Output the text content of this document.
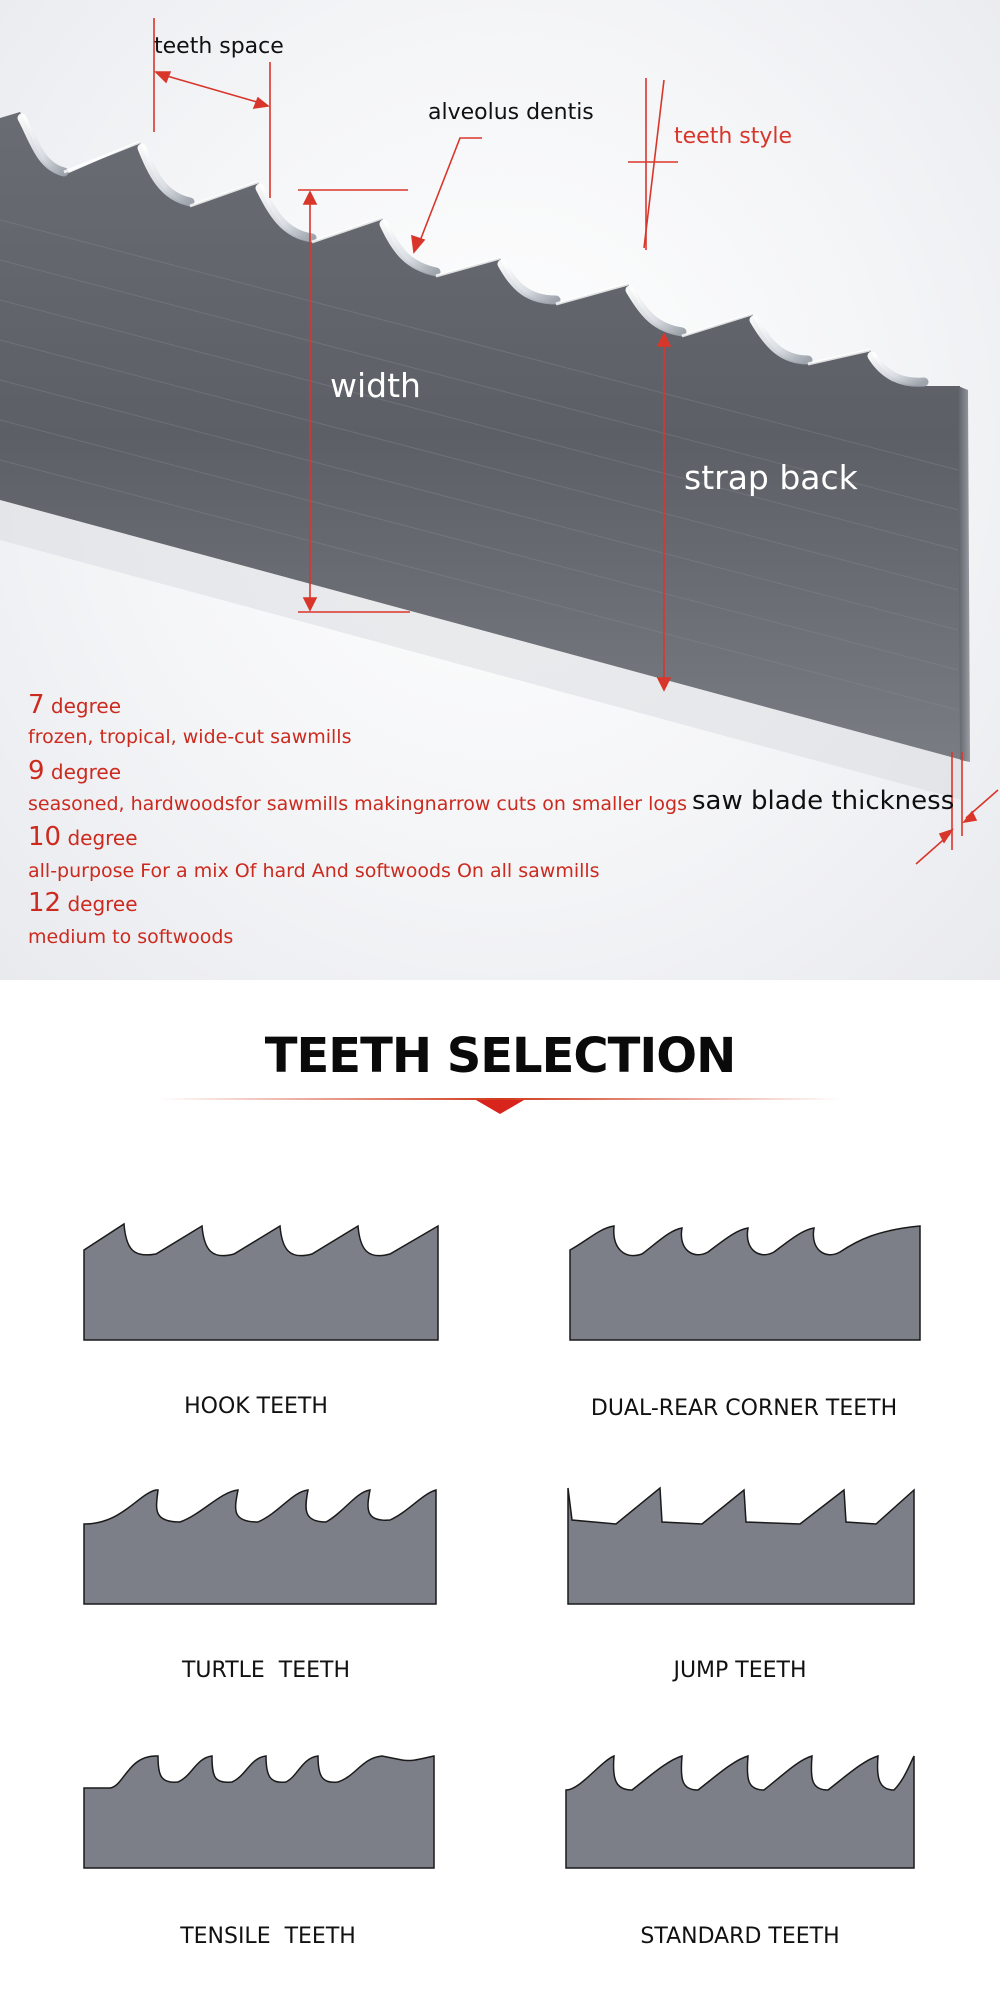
teeth space
alveolus dentis
teeth style
width
strap back
saw blade thickness
7 degree
frozen, tropical, wide-cut sawmills
9 degree
seasoned, hardwoodsfor sawmills makingnarrow cuts on smaller logs
10 degree
all-purpose For a mix Of hard And softwoods On all sawmills
12 degree
medium to softwoods
TEETH SELECTION
HOOK TEETH	DUAL-REAR CORNER TEETH
TURTLE  TEETH	JUMP TEETH
TENSILE  TEETH	STANDARD TEETH
